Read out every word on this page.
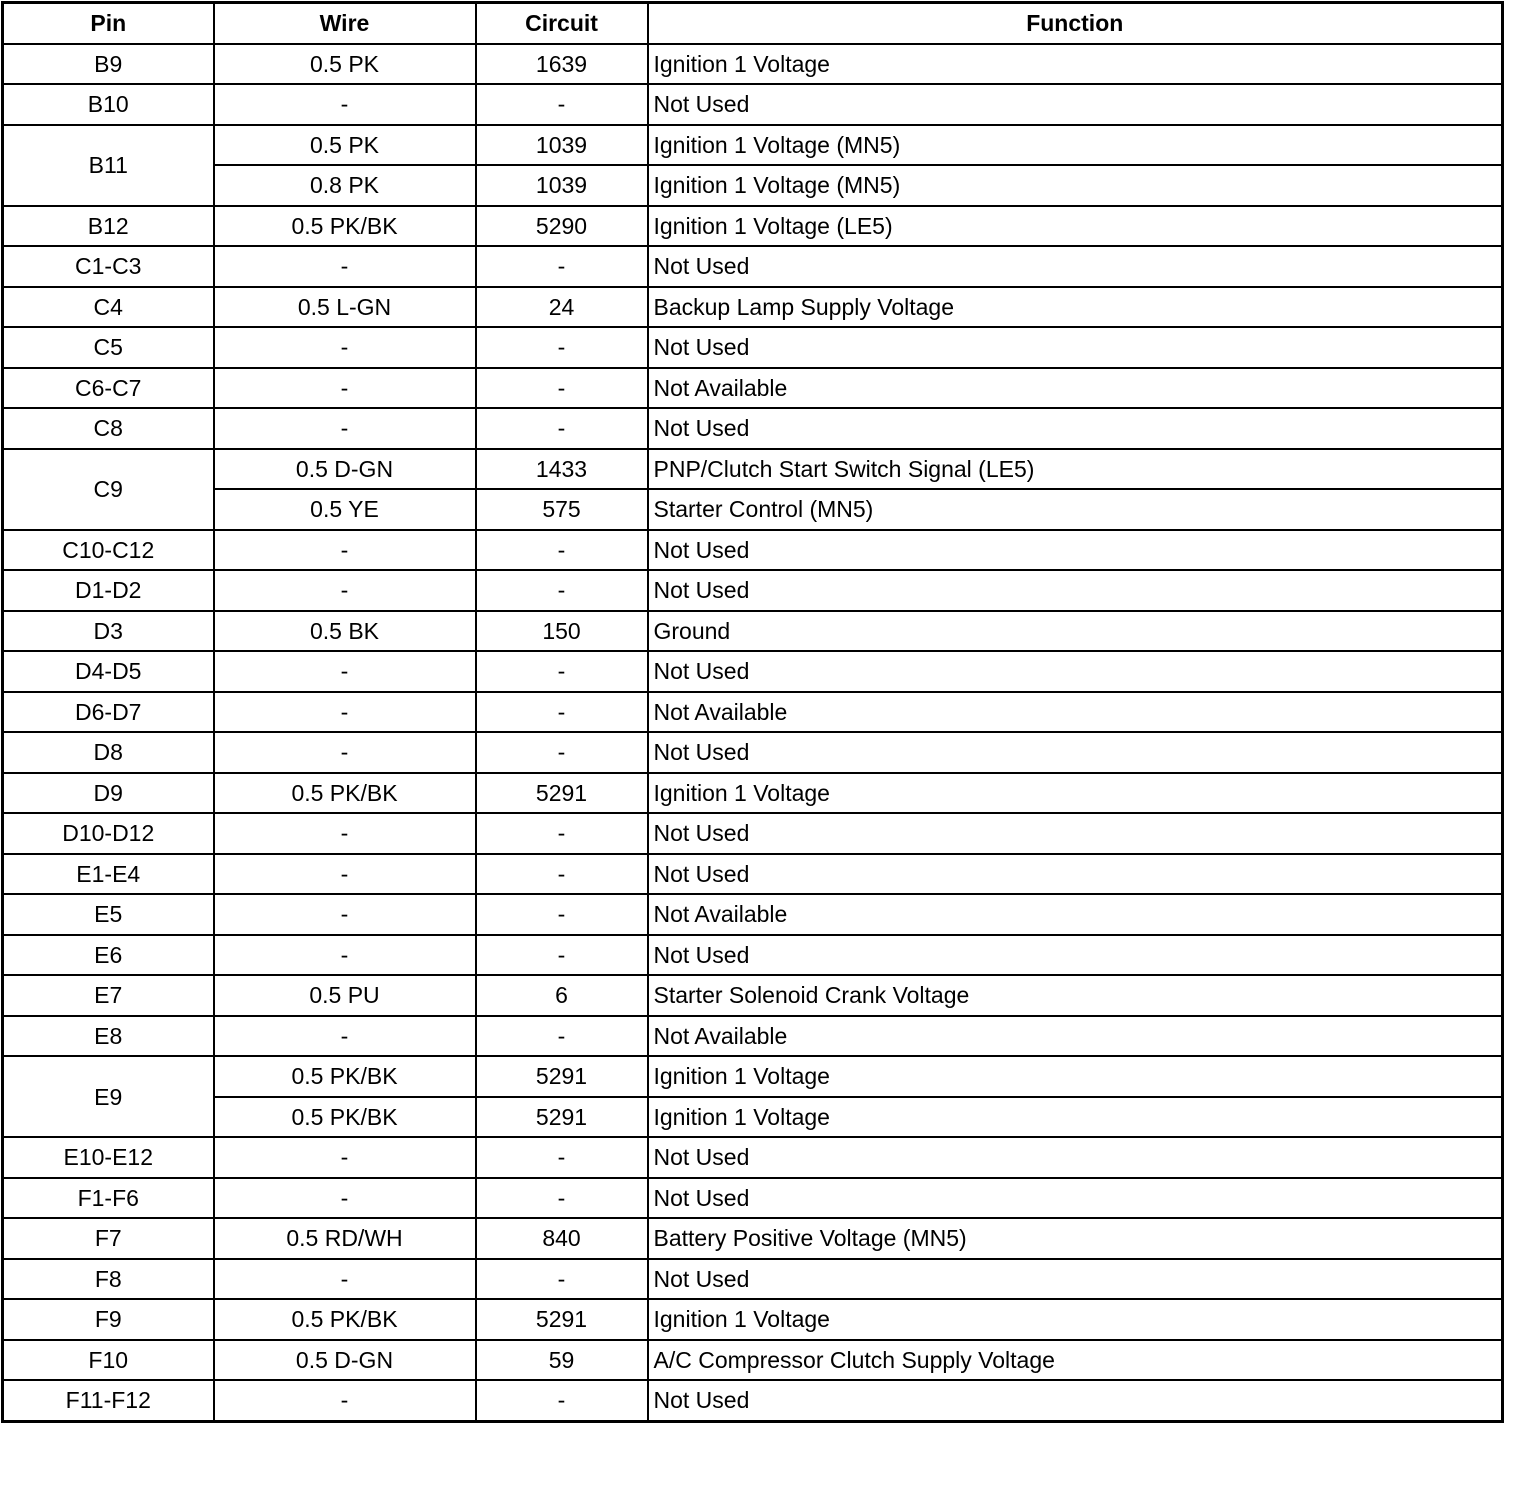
Pin	Wire	Circuit	Function
B9	0.5 PK	1639	Ignition 1 Voltage
B10	-	-	Not Used
B11	0.5 PK	1039	Ignition 1 Voltage (MN5)
	0.8 PK	1039	Ignition 1 Voltage (MN5)
B12	0.5 PK/BK	5290	Ignition 1 Voltage (LE5)
C1-C3	-	-	Not Used
C4	0.5 L-GN	24	Backup Lamp Supply Voltage
C5	-	-	Not Used
C6-C7	-	-	Not Available
C8	-	-	Not Used
C9	0.5 D-GN	1433	PNP/Clutch Start Switch Signal (LE5)
	0.5 YE	575	Starter Control (MN5)
C10-C12	-	-	Not Used
D1-D2	-	-	Not Used
D3	0.5 BK	150	Ground
D4-D5	-	-	Not Used
D6-D7	-	-	Not Available
D8	-	-	Not Used
D9	0.5 PK/BK	5291	Ignition 1 Voltage
D10-D12	-	-	Not Used
E1-E4	-	-	Not Used
E5	-	-	Not Available
E6	-	-	Not Used
E7	0.5 PU	6	Starter Solenoid Crank Voltage
E8	-	-	Not Available
E9	0.5 PK/BK	5291	Ignition 1 Voltage
	0.5 PK/BK	5291	Ignition 1 Voltage
E10-E12	-	-	Not Used
F1-F6	-	-	Not Used
F7	0.5 RD/WH	840	Battery Positive Voltage (MN5)
F8	-	-	Not Used
F9	0.5 PK/BK	5291	Ignition 1 Voltage
F10	0.5 D-GN	59	A/C Compressor Clutch Supply Voltage
F11-F12	-	-	Not Used
